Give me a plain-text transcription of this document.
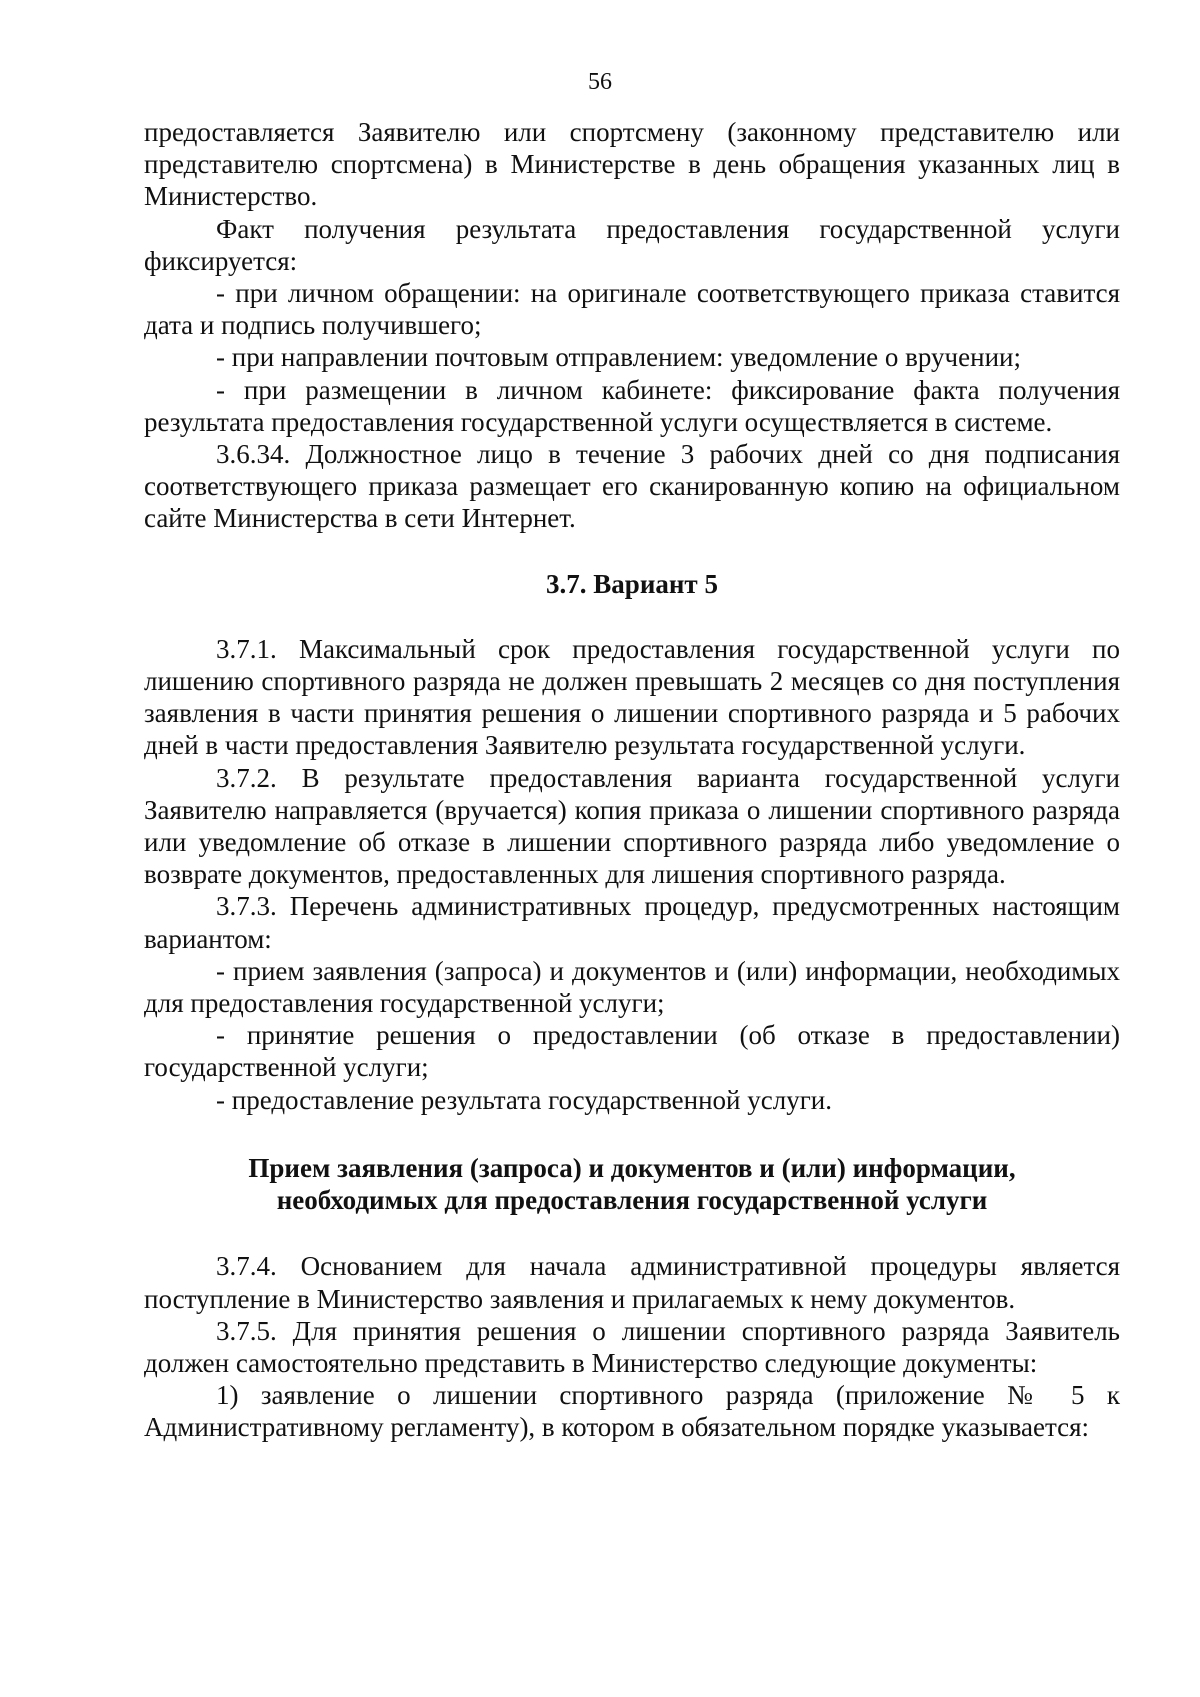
56

предоставляется Заявителю или спортсмену (законному представителю или представителю спортсмена) в Министерстве в день обращения указанных лиц в Министерство.

Факт получения результата предоставления государственной услуги фиксируется:

- при личном обращении: на оригинале соответствующего приказа ставится дата и подпись получившего;

- при направлении почтовым отправлением: уведомление о вручении;

- при размещении в личном кабинете: фиксирование факта получения результата предоставления государственной услуги осуществляется в системе.

3.6.34. Должностное лицо в течение 3 рабочих дней со дня подписания соответствующего приказа размещает его сканированную копию на официальном сайте Министерства в сети Интернет.

3.7. Вариант 5

3.7.1. Максимальный срок предоставления государственной услуги по лишению спортивного разряда не должен превышать 2 месяцев со дня поступления заявления в части принятия решения о лишении спортивного разряда и 5 рабочих дней в части предоставления Заявителю результата государственной услуги.

3.7.2. В результате предоставления варианта государственной услуги Заявителю направляется (вручается) копия приказа о лишении спортивного разряда или уведомление об отказе в лишении спортивного разряда либо уведомление о возврате документов, предоставленных для лишения спортивного разряда.

3.7.3. Перечень административных процедур, предусмотренных настоящим вариантом:

- прием заявления (запроса) и документов и (или) информации, необходимых для предоставления государственной услуги;

- принятие решения о предоставлении (об отказе в предоставлении) государственной услуги;

- предоставление результата государственной услуги.

Прием заявления (запроса) и документов и (или) информации,

необходимых для предоставления государственной услуги

3.7.4. Основанием для начала административной процедуры является поступление в Министерство заявления и прилагаемых к нему документов.

3.7.5. Для принятия решения о лишении спортивного разряда Заявитель должен самостоятельно представить в Министерство следующие документы:

1) заявление о лишении спортивного разряда (приложение № 5 к Административному регламенту), в котором в обязательном порядке указывается:
